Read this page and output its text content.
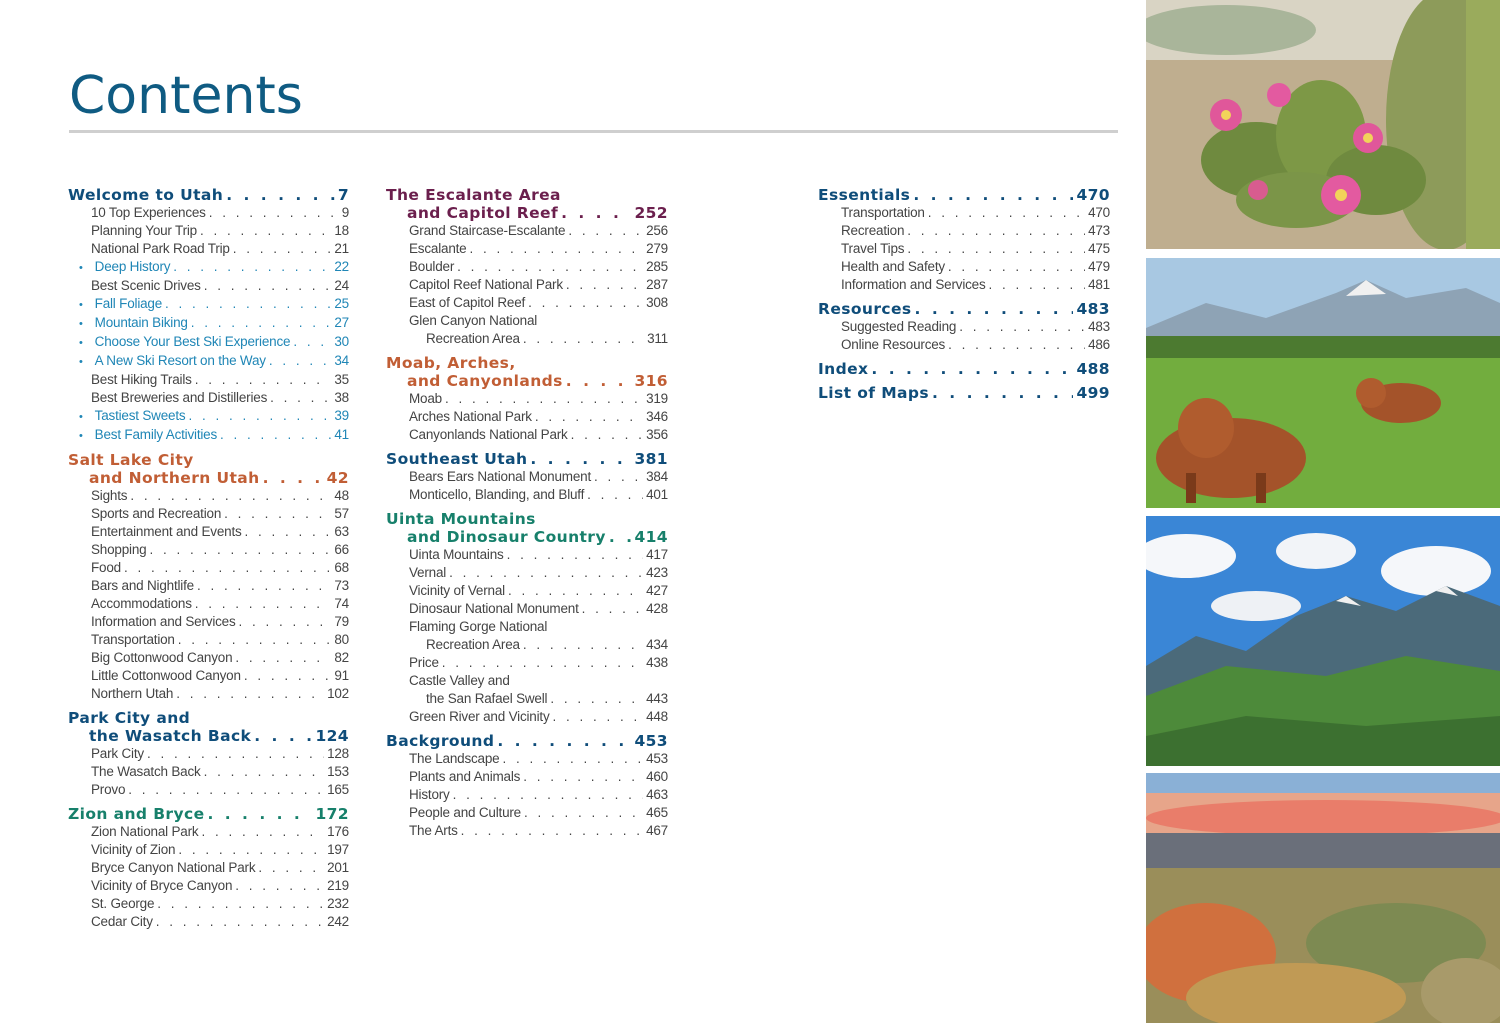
Contents
Welcome to Utah . . .	7
10 Top Experiences . . .	9
Planning Your Trip . . .	18
National Park Road Trip . . .	21
• Deep History . . .	22
Best Scenic Drives . . .	24
• Fall Foliage . . .	25
• Mountain Biking . . .	27
• Choose Your Best Ski Experience . . .	30
• A New Ski Resort on the Way . . .	34
Best Hiking Trails . . .	35
Best Breweries and Distilleries . . .	38
• Tastiest Sweets . . .	39
• Best Family Activities . . .	41
Salt Lake City
and Northern Utah . . .	42
Sights . . .	48
Sports and Recreation . . .	57
Entertainment and Events . . .	63
Shopping . . .	66
Food . . .	68
Bars and Nightlife . . .	73
Accommodations . . .	74
Information and Services . . .	79
Transportation . . .	80
Big Cottonwood Canyon . . .	82
Little Cottonwood Canyon . . .	91
Northern Utah . . .	102
Park City and
the Wasatch Back . . .	124
Park City . . .	128
The Wasatch Back . . .	153
Provo . . .	165
Zion and Bryce . . .	172
Zion National Park . . .	176
Vicinity of Zion . . .	197
Bryce Canyon National Park . . .	201
Vicinity of Bryce Canyon . . .	219
St. George . . .	232
Cedar City . . .	242
The Escalante Area
and Capitol Reef . . .	252
Grand Staircase-Escalante . . .	256
Escalante . . .	279
Boulder . . .	285
Capitol Reef National Park . . .	287
East of Capitol Reef . . .	308
Glen Canyon National
Recreation Area . . .	311
Moab, Arches,
and Canyonlands . . .	316
Moab . . .	319
Arches National Park . . .	346
Canyonlands National Park . . .	356
Southeast Utah . . .	381
Bears Ears National Monument . . .	384
Monticello, Blanding, and Bluff . . .	401
Uinta Mountains
and Dinosaur Country . . . 414
Uinta Mountains . . .	417
Vernal . . .	423
Vicinity of Vernal . . .	427
Dinosaur National Monument . . .	428
Flaming Gorge National
Recreation Area . . .	434
Price . . .	438
Castle Valley and
the San Rafael Swell . . .	443
Green River and Vicinity . . .	448
Background . . .	453
The Landscape . . .	453
Plants and Animals . . .	460
History . . .	463
People and Culture . . .	465
The Arts . . .	467
Essentials . . .	470
Transportation . . .	470
Recreation . . .	473
Travel Tips . . .	475
Health and Safety . . .	479
Information and Services . . .	481
Resources . . .	483
Suggested Reading . . .	483
Online Resources . . .	486
Index . . .	488
List of Maps . . .	499
